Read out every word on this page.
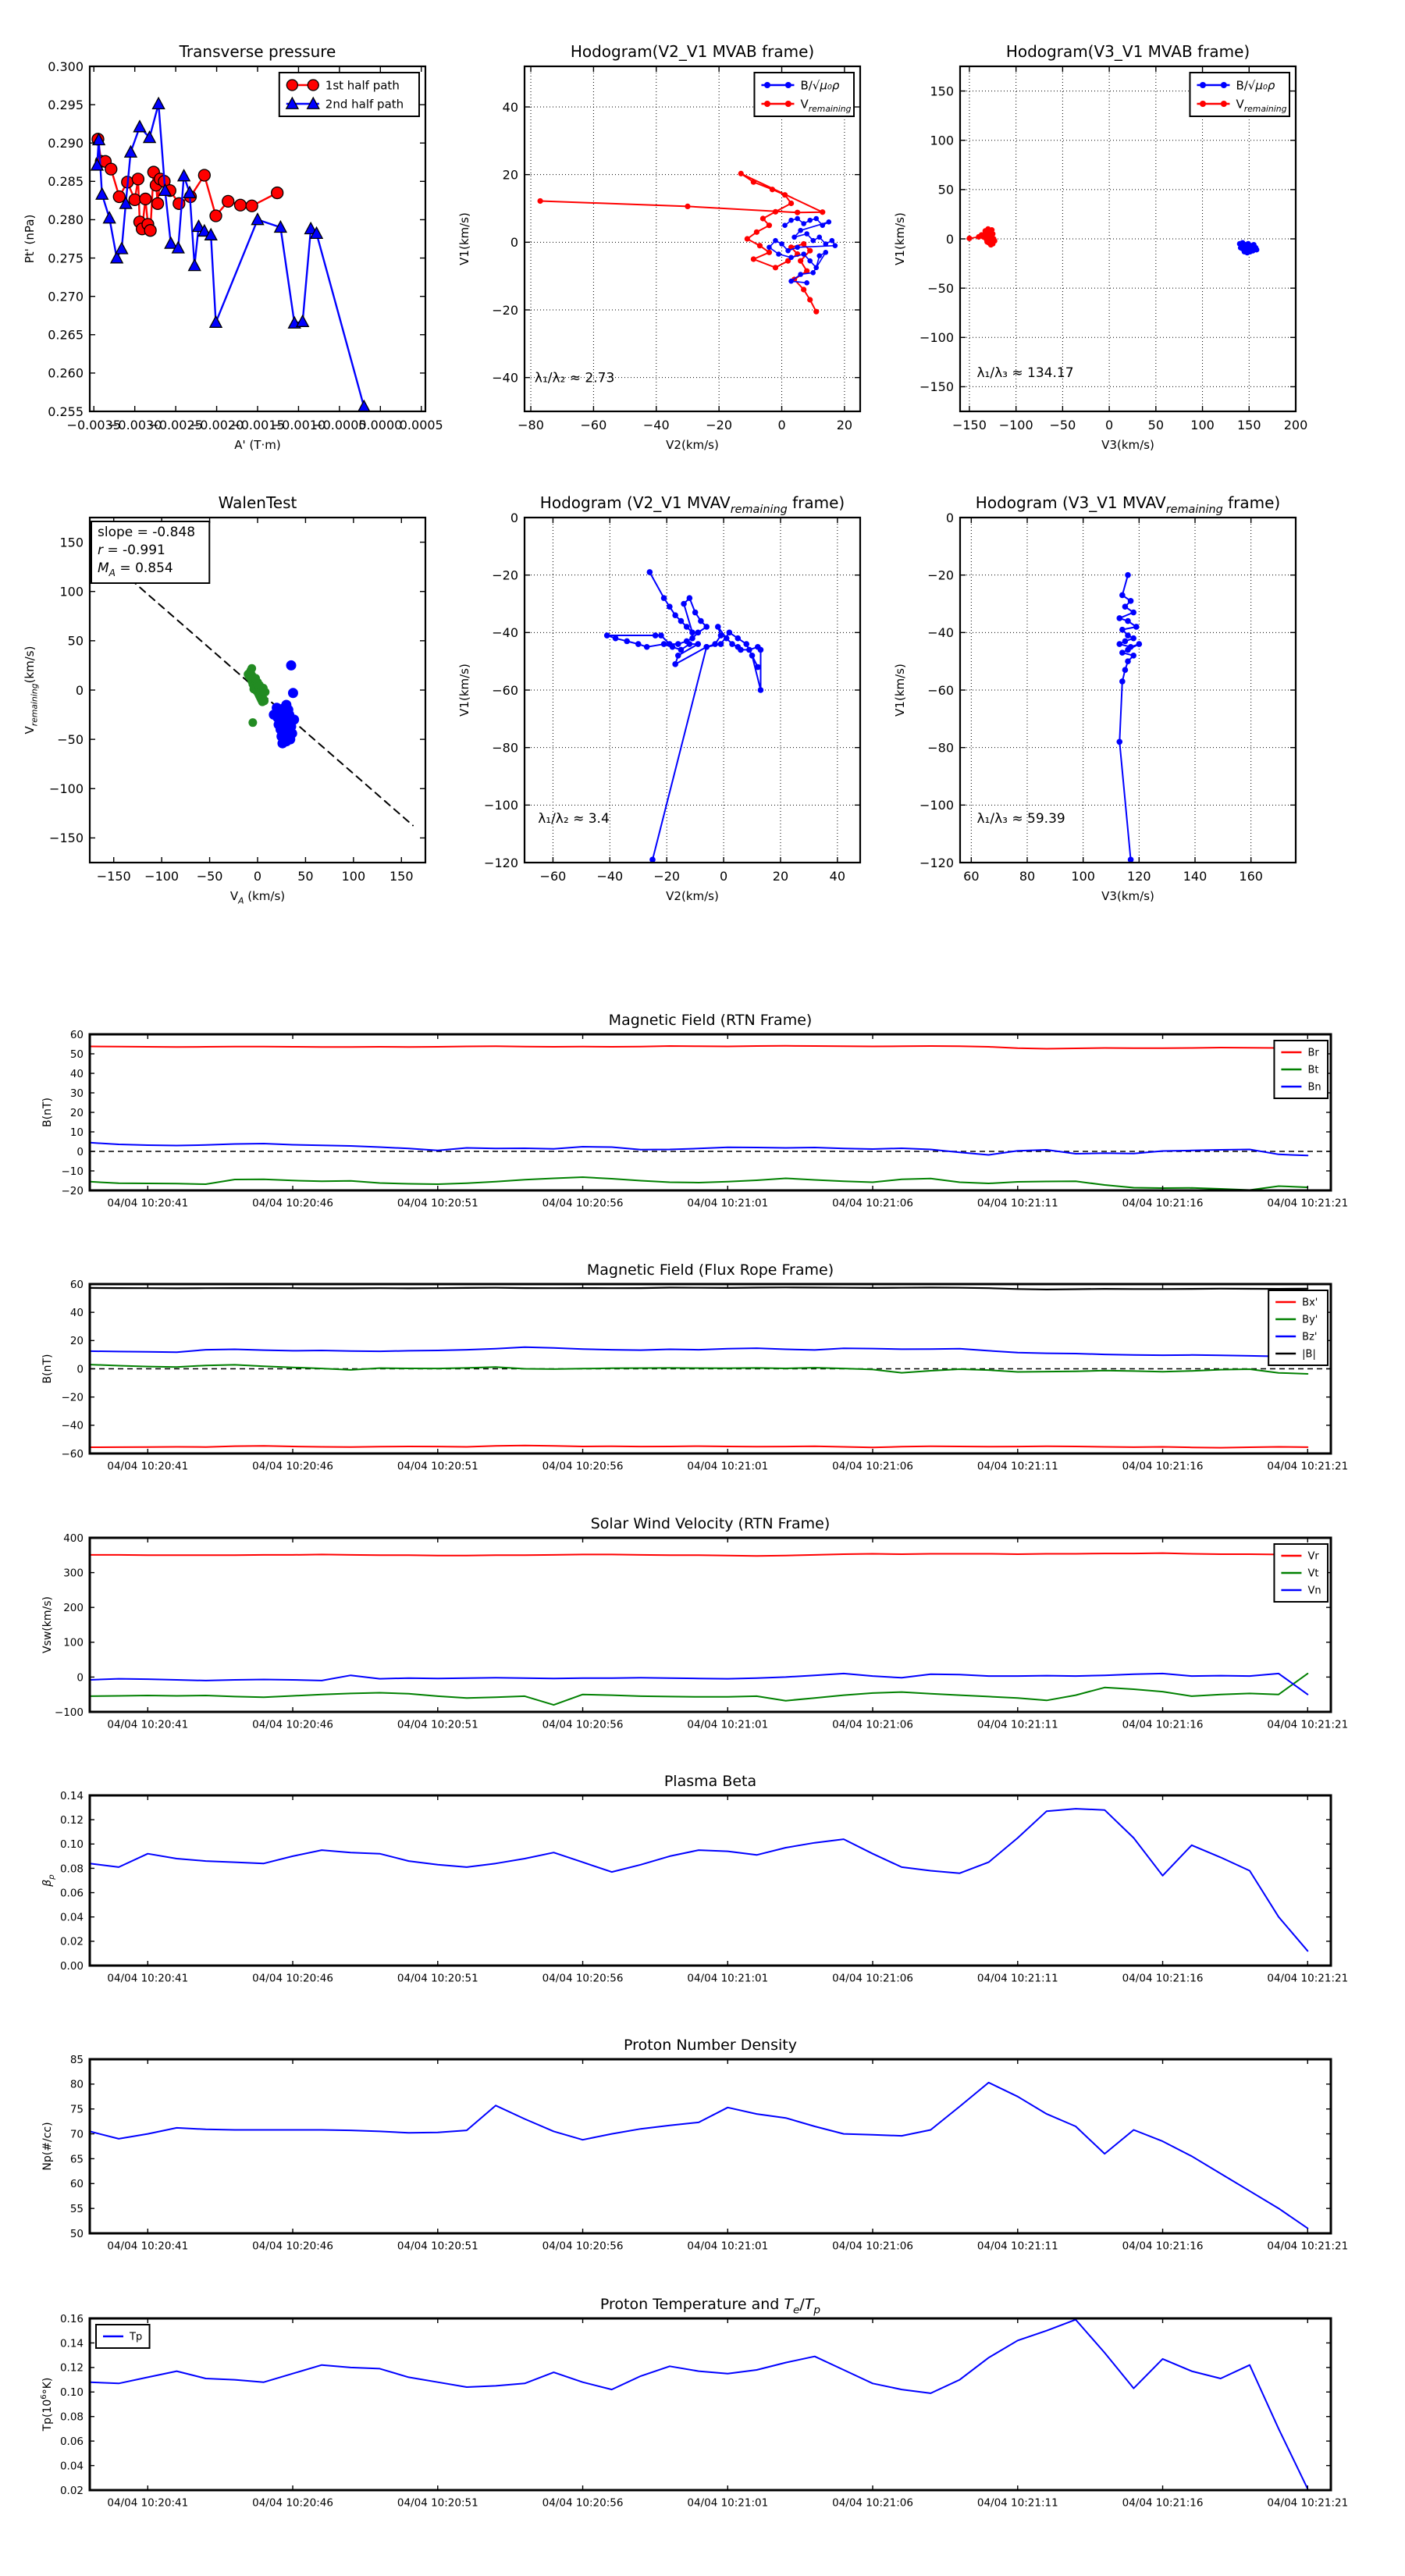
−0.0035
−0.0030
−0.0025
−0.0020
−0.0015
−0.0010
−0.0005
0.0000
0.0005
0.255
0.260
0.265
0.270
0.275
0.280
0.285
0.290
0.295
0.300
Transverse pressure
A' (T·m)
Pt' (nPa)
1st half path
2nd half path
−80	−60	−40	−20	0	20
−40
−20
0
20
40
Hodogram(V2_V1 MVAB frame)
V2(km/s)
V1(km/s)
λ₁/λ₂ ≈ 2.73
B/√μ₀ρ
$V_{remaining}$
−150 −100 −50 0	50 100 150 200
−150
−100
−50
0
50
100
150
Hodogram(V3_V1 MVAB frame)
V3(km/s)
V1(km/s)
λ₁/λ₃ ≈ 134.17
B/√μ₀ρ
$V_{remaining}$
−150 −100 −50 0	50 100 150
−150
−100
−50
0
50
100
150
WalenTest
$V_A$ (km/s)
$V_{remaining}(km/s)$
slope = -0.848
r = -0.991
$M_A = 0.854$
−60 −40 −20	0	20	40
0
−20
−40
−60
−80
−100
−120
Hodogram (V2_V1 $MVAV_{remaining}$ frame)
V2(km/s)
V1(km/s)
λ₁/λ₂ ≈ 3.4
60	80	100	120	140	160
0
−20
−40
−60
−80
−100
−120
Hodogram (V3_V1 $MVAV_{remaining}$ frame)
V3(km/s)
V1(km/s)
λ₁/λ₃ ≈ 59.39
04/04 10:20:41	04/04 10:20:46	04/04 10:20:51	04/04 10:20:56	04/04 10:21:01	04/04 10:21:06	04/04 10:21:11	04/04 10:21:16	04/04 10:21:21
−20
−10
0
10
20
30
40
50
60
Magnetic Field (RTN Frame)
B(nT)
Br
Bt
Bn
04/04 10:20:41	04/04 10:20:46	04/04 10:20:51	04/04 10:20:56	04/04 10:21:01	04/04 10:21:06	04/04 10:21:11	04/04 10:21:16	04/04 10:21:21
−60
−40
−20
0
20
40
60
Magnetic Field (Flux Rope Frame)
B(nT)
Bx'
By'
Bz'
|B|
04/04 10:20:41	04/04 10:20:46	04/04 10:20:51	04/04 10:20:56	04/04 10:21:01	04/04 10:21:06	04/04 10:21:11	04/04 10:21:16	04/04 10:21:21
−100
0
100
200
300
400
Solar Wind Velocity (RTN Frame)
Vsw(km/s)
Vr
Vt
Vn
04/04 10:20:41	04/04 10:20:46	04/04 10:20:51	04/04 10:20:56	04/04 10:21:01	04/04 10:21:06	04/04 10:21:11	04/04 10:21:16	04/04 10:21:21
0.00
0.02
0.04
0.06
0.08
0.10
0.12
0.14
Plasma Beta
$\beta_p$
04/04 10:20:41	04/04 10:20:46	04/04 10:20:51	04/04 10:20:56	04/04 10:21:01	04/04 10:21:06	04/04 10:21:11	04/04 10:21:16	04/04 10:21:21
50
55
60
65
70
75
80
85
Proton Number Density
Np(#/cc)
04/04 10:20:41	04/04 10:20:46	04/04 10:20:51	04/04 10:20:56	04/04 10:21:01	04/04 10:21:06	04/04 10:21:11	04/04 10:21:16	04/04 10:21:21
0.02
0.04
0.06
0.08
0.10
0.12
0.14
0.16
Proton Temperature and $T_e/T_p$
$Tp(10^6^\circ K)$
Tp
